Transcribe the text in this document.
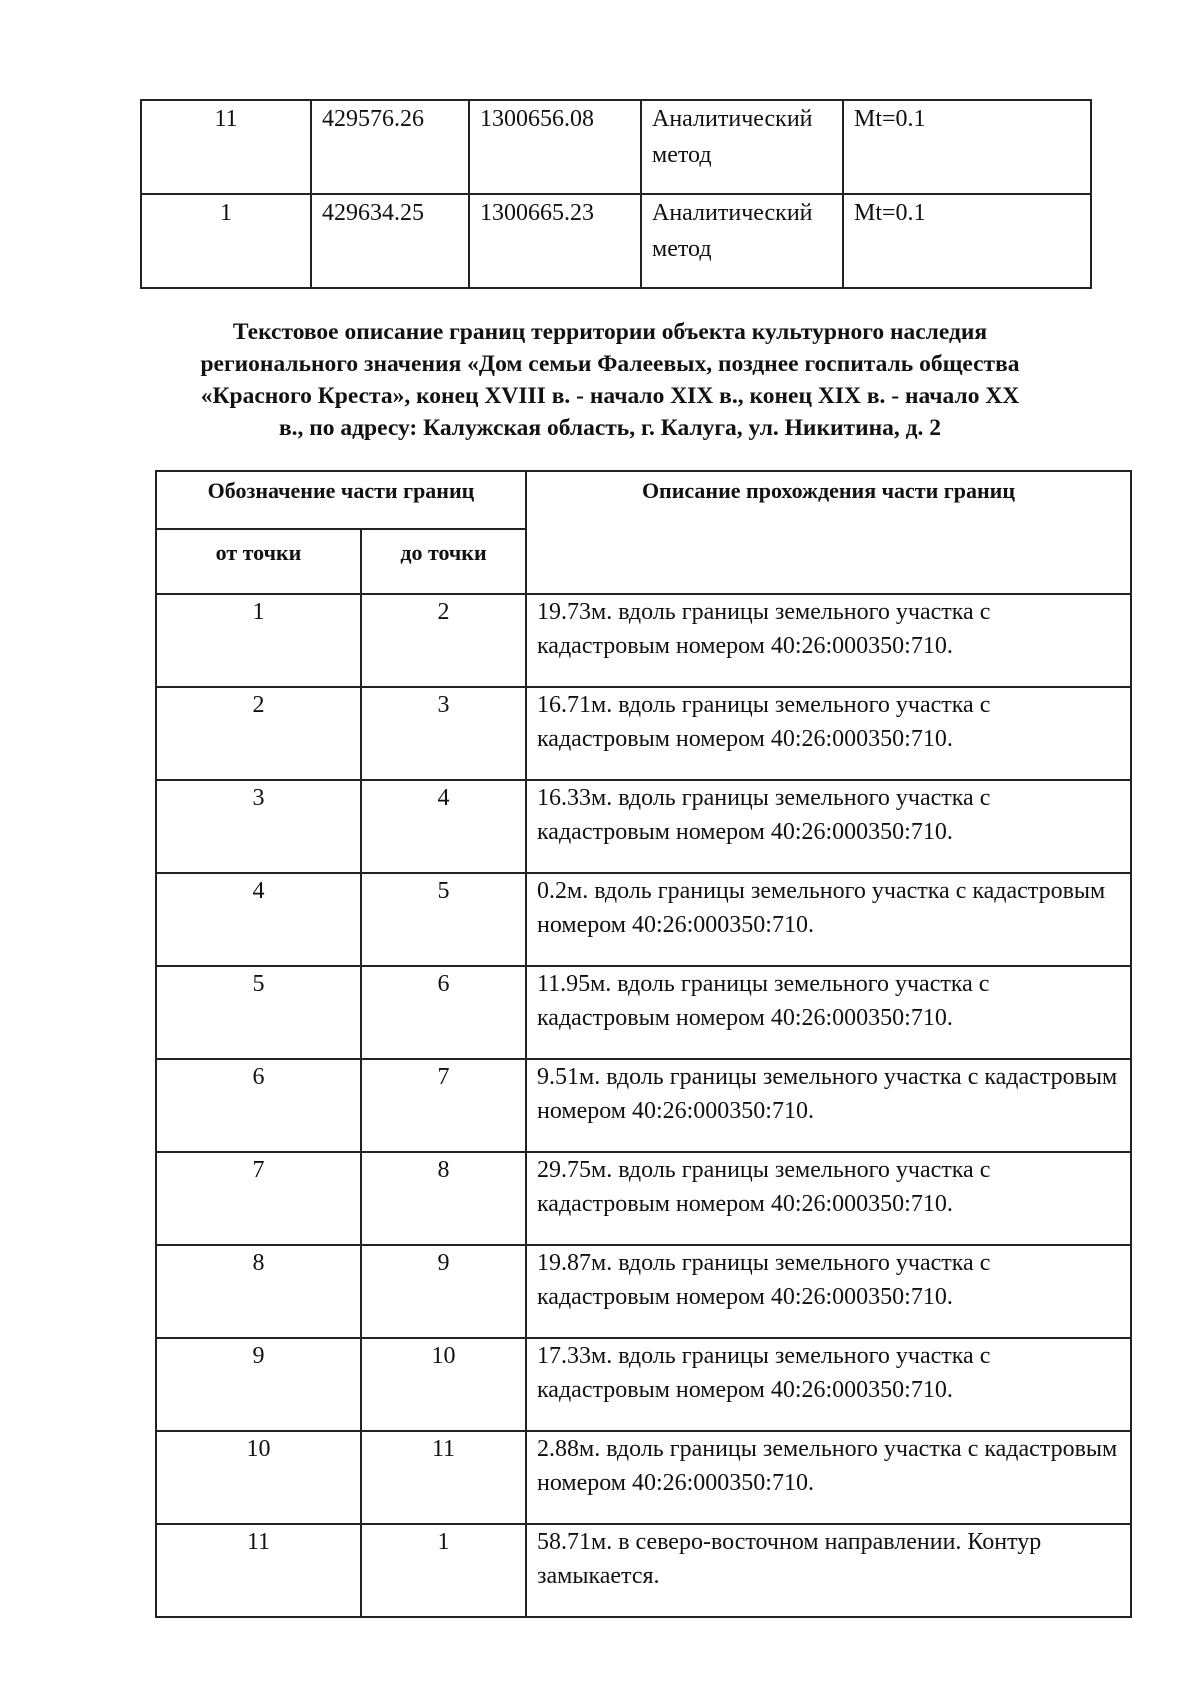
11	429576.26	1300656.08	Аналитический метод	Mt=0.1
1	429634.25	1300665.23	Аналитический метод	Mt=0.1
Текстовое описание границ территории объекта культурного наследия
регионального значения «Дом семьи Фалеевых, позднее госпиталь общества
«Красного Креста», конец XVIII в. - начало XIX в., конец XIX в. - начало XX
в., по адресу: Калужская область, г. Калуга, ул. Никитина, д. 2
Обозначение части границ		Описание прохождения части границ
от точки	до точки	
1	2	19.73м. вдоль границы земельного участка с кадастровым номером 40:26:000350:710.
2	3	16.71м. вдоль границы земельного участка с кадастровым номером 40:26:000350:710.
3	4	16.33м. вдоль границы земельного участка с кадастровым номером 40:26:000350:710.
4	5	0.2м. вдоль границы земельного участка с кадастровым номером 40:26:000350:710.
5	6	11.95м. вдоль границы земельного участка с кадастровым номером 40:26:000350:710.
6	7	9.51м. вдоль границы земельного участка с кадастровым номером 40:26:000350:710.
7	8	29.75м. вдоль границы земельного участка с кадастровым номером 40:26:000350:710.
8	9	19.87м. вдоль границы земельного участка с кадастровым номером 40:26:000350:710.
9	10	17.33м. вдоль границы земельного участка с кадастровым номером 40:26:000350:710.
10	11	2.88м. вдоль границы земельного участка с кадастровым номером 40:26:000350:710.
11	1	58.71м. в северо-восточном направлении. Контур замыкается.
